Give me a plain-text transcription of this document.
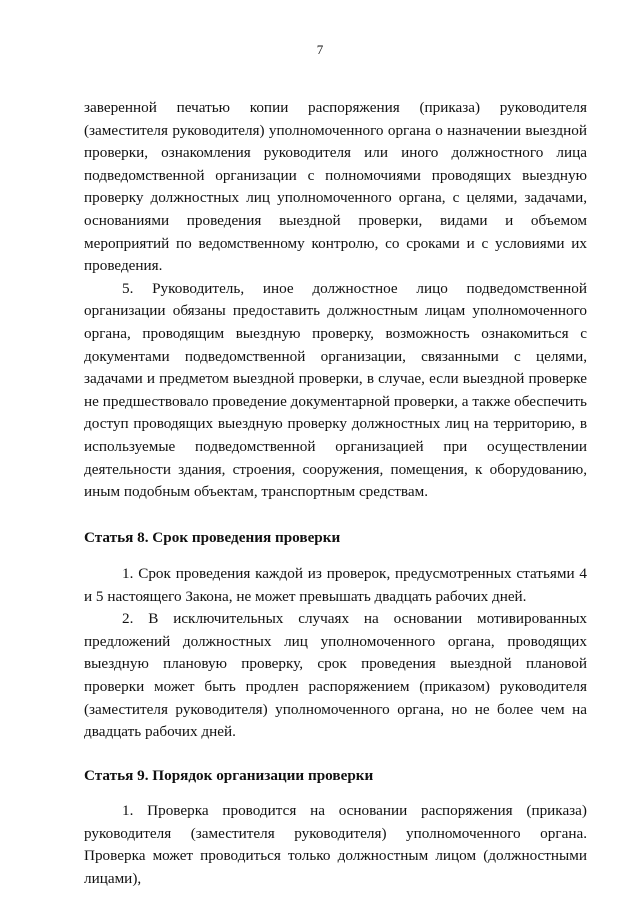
7

заверенной печатью копии распоряжения (приказа) руководителя (заместителя руководителя) уполномоченного органа о назначении выездной проверки, ознакомления руководителя или иного должностного лица подведомственной организации с полномочиями проводящих выездную проверку должностных лиц уполномоченного органа, с целями, задачами, основаниями проведения выездной проверки, видами и объемом мероприятий по ведомственному контролю, со сроками и с условиями их проведения.

5. Руководитель, иное должностное лицо подведомственной организации обязаны предоставить должностным лицам уполномоченного органа, проводящим выездную проверку, возможность ознакомиться с документами подведомственной организации, связанными с целями, задачами и предметом выездной проверки, в случае, если выездной проверке не предшествовало проведение документарной проверки, а также обеспечить доступ проводящих выездную проверку должностных лиц на территорию, в используемые подведомственной организацией при осуществлении деятельности здания, строения, сооружения, помещения, к оборудованию, иным подобным объектам, транспортным средствам.

Статья 8. Срок проведения проверки

1. Срок проведения каждой из проверок, предусмотренных статьями 4 и 5 настоящего Закона, не может превышать двадцать рабочих дней.

2. В исключительных случаях на основании мотивированных предложений должностных лиц уполномоченного органа, проводящих выездную плановую проверку, срок проведения выездной плановой проверки может быть продлен распоряжением (приказом) руководителя (заместителя руководителя) уполномоченного органа, но не более чем на двадцать рабочих дней.

Статья 9. Порядок организации проверки

1. Проверка проводится на основании распоряжения (приказа) руководителя (заместителя руководителя) уполномоченного органа. Проверка может проводиться только должностным лицом (должностными лицами),
